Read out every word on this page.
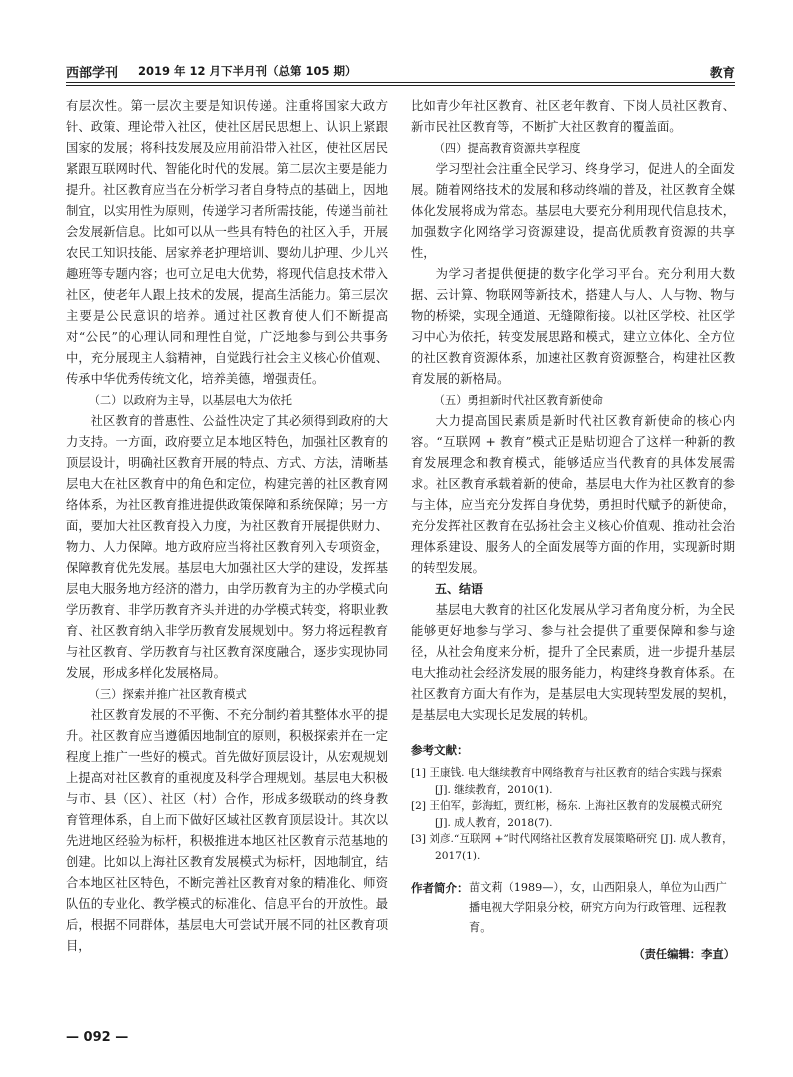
西部学刊 2019 年 12 月下半月刊（总第 105 期）	教育

有层次性。第一层次主要是知识传递。注重将国家大政方针、政策、理论带入社区，使社区居民思想上、认识上紧跟国家的发展；将科技发展及应用前沿带入社区，使社区居民紧跟互联网时代、智能化时代的发展。第二层次主要是能力提升。社区教育应当在分析学习者自身特点的基础上，因地制宜，以实用性为原则，传递学习者所需技能，传递当前社会发展新信息。比如可以从一些具有特色的社区入手，开展农民工知识技能、居家养老护理培训、婴幼儿护理、少儿兴趣班等专题内容；也可立足电大优势，将现代信息技术带入社区，使老年人跟上技术的发展，提高生活能力。第三层次主要是公民意识的培养。通过社区教育使人们不断提高对“公民”的心理认同和理性自觉，广泛地参与到公共事务中，充分展现主人翁精神，自觉践行社会主义核心价值观、传承中华优秀传统文化，培养美德，增强责任。

（二）以政府为主导，以基层电大为依托

社区教育的普惠性、公益性决定了其必须得到政府的大力支持。一方面，政府要立足本地区特色，加强社区教育的顶层设计，明确社区教育开展的特点、方式、方法，清晰基层电大在社区教育中的角色和定位，构建完善的社区教育网络体系，为社区教育推进提供政策保障和系统保障；另一方面，要加大社区教育投入力度，为社区教育开展提供财力、物力、人力保障。地方政府应当将社区教育列入专项资金，保障教育优先发展。基层电大加强社区大学的建设，发挥基层电大服务地方经济的潜力，由学历教育为主的办学模式向学历教育、非学历教育齐头并进的办学模式转变，将职业教育、社区教育纳入非学历教育发展规划中。努力将远程教育与社区教育、学历教育与社区教育深度融合，逐步实现协同发展，形成多样化发展格局。

（三）探索并推广社区教育模式

社区教育发展的不平衡、不充分制约着其整体水平的提升。社区教育应当遵循因地制宜的原则，积极探索并在一定程度上推广一些好的模式。首先做好顶层设计，从宏观规划上提高对社区教育的重视度及科学合理规划。基层电大积极与市、县（区）、社区（村）合作，形成多级联动的终身教育管理体系，自上而下做好区域社区教育顶层设计。其次以先进地区经验为标杆，积极推进本地区社区教育示范基地的创建。比如以上海社区教育发展模式为标杆，因地制宜，结合本地区社区特色，不断完善社区教育对象的精准化、师资队伍的专业化、教学模式的标准化、信息平台的开放性。最后，根据不同群体，基层电大可尝试开展不同的社区教育项目，

比如青少年社区教育、社区老年教育、下岗人员社区教育、新市民社区教育等，不断扩大社区教育的覆盖面。

（四）提高教育资源共享程度

学习型社会注重全民学习、终身学习，促进人的全面发展。随着网络技术的发展和移动终端的普及，社区教育全媒体化发展将成为常态。基层电大要充分利用现代信息技术，加强数字化网络学习资源建设，提高优质教育资源的共享性，

为学习者提供便捷的数字化学习平台。充分利用大数据、云计算、物联网等新技术，搭建人与人、人与物、物与物的桥梁，实现全通道、无缝隙衔接。以社区学校、社区学习中心为依托，转变发展思路和模式，建立立体化、全方位的社区教育资源体系，加速社区教育资源整合，构建社区教育发展的新格局。

（五）勇担新时代社区教育新使命

大力提高国民素质是新时代社区教育新使命的核心内容。“互联网 + 教育”模式正是贴切迎合了这样一种新的教育发展理念和教育模式，能够适应当代教育的具体发展需求。社区教育承载着新的使命，基层电大作为社区教育的参与主体，应当充分发挥自身优势，勇担时代赋予的新使命，充分发挥社区教育在弘扬社会主义核心价值观、推动社会治理体系建设、服务人的全面发展等方面的作用，实现新时期的转型发展。

五、结语

基层电大教育的社区化发展从学习者角度分析，为全民能够更好地参与学习、参与社会提供了重要保障和参与途径，从社会角度来分析，提升了全民素质，进一步提升基层电大推动社会经济发展的服务能力，构建终身教育体系。在社区教育方面大有作为，是基层电大实现转型发展的契机，是基层电大实现长足发展的转机。

参考文献：

[1] 王康钱. 电大继续教育中网络教育与社区教育的结合实践与探索 [J]. 继续教育，2010(1).

[2] 王伯军，彭海虹，贾红彬，杨东. 上海社区教育的发展模式研究 [J]. 成人教育，2018(7).

[3] 刘彦.“互联网 +”时代网络社区教育发展策略研究 [J]. 成人教育，2017(1).

作者简介： 苗文莉（1989—），女，山西阳泉人，单位为山西广播电视大学阳泉分校，研究方向为行政管理、远程教育。
（责任编辑：李直）
— 092 —
